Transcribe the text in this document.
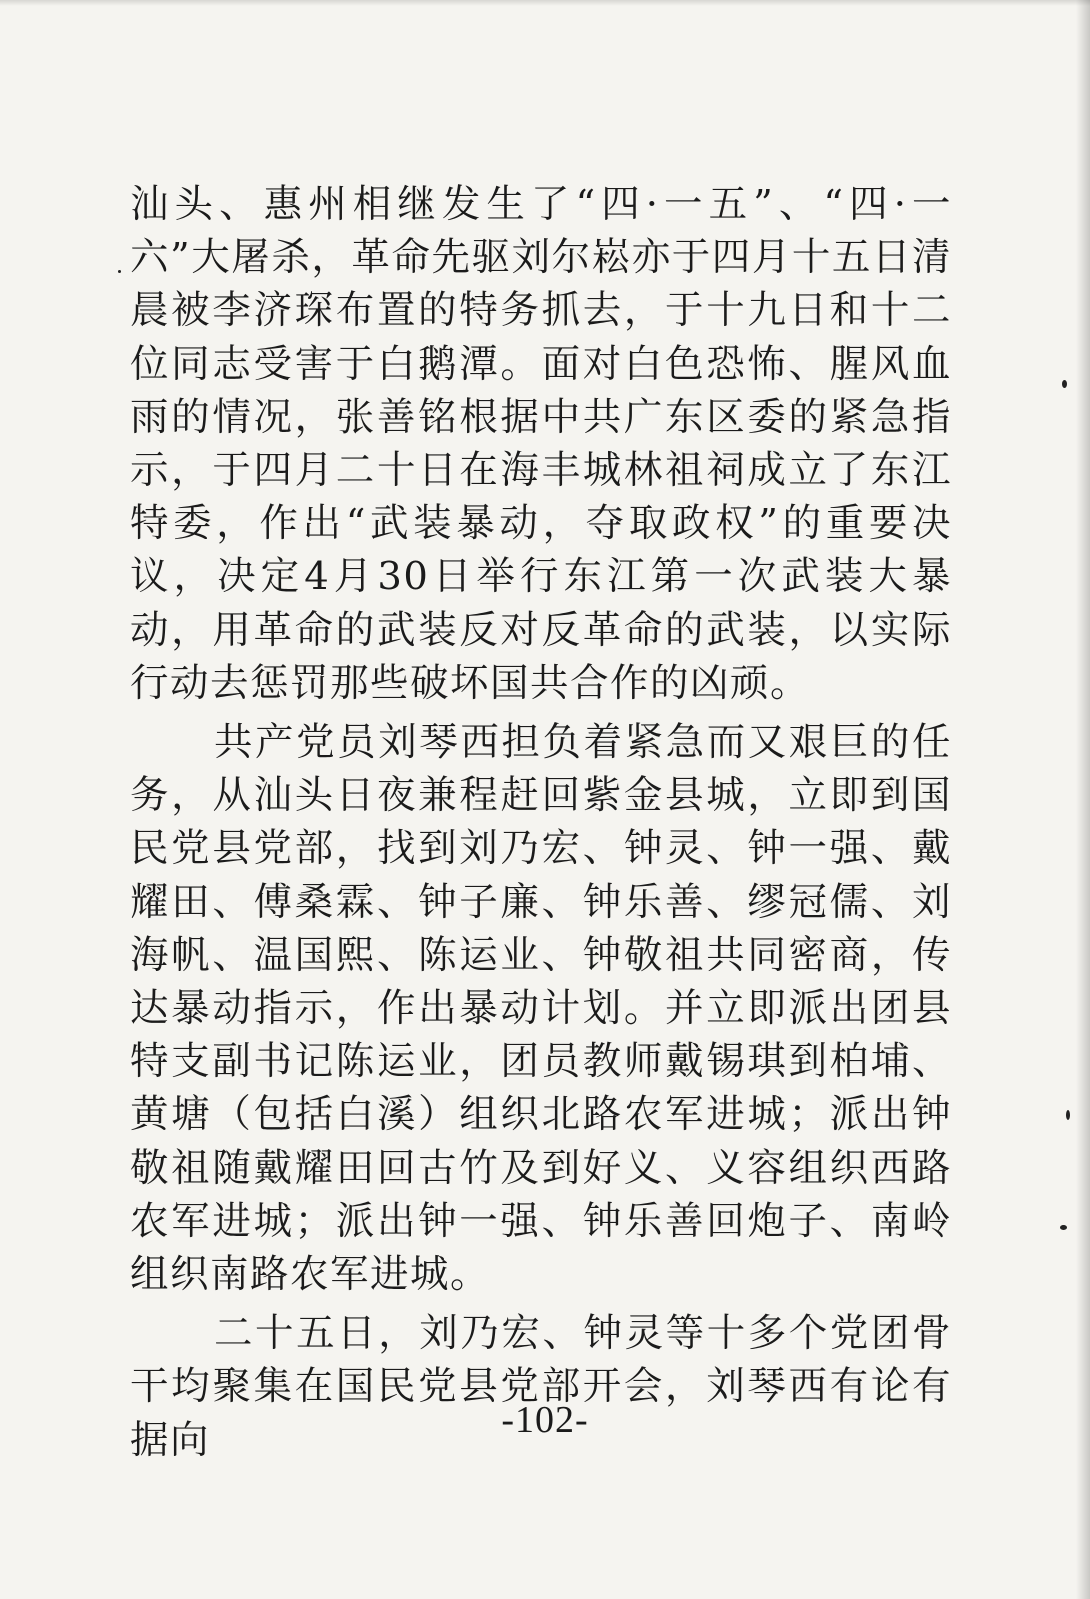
汕头、惠州相继发生了“四·一五”、“四·一六”大屠杀，革命先驱刘尔崧亦于四月十五日清晨被李济琛布置的特务抓去，于十九日和十二位同志受害于白鹅潭。面对白色恐怖、腥风血雨的情况，张善铭根据中共广东区委的紧急指示，于四月二十日在海丰城林祖祠成立了东江特委，作出“武装暴动，夺取政权”的重要决议，决定4月30日举行东江第一次武装大暴动，用革命的武装反对反革命的武装，以实际行动去惩罚那些破坏国共合作的凶顽。

共产党员刘琴西担负着紧急而又艰巨的任务，从汕头日夜兼程赶回紫金县城，立即到国民党县党部，找到刘乃宏、钟灵、钟一强、戴耀田、傅桑霖、钟子廉、钟乐善、缪冠儒、刘海帆、温国熙、陈运业、钟敬祖共同密商，传达暴动指示，作出暴动计划。并立即派出团县特支副书记陈运业，团员教师戴锡琪到柏埔、黄塘（包括白溪）组织北路农军进城；派出钟敬祖随戴耀田回古竹及到好义、义容组织西路农军进城；派出钟一强、钟乐善回炮子、南岭组织南路农军进城。

二十五日，刘乃宏、钟灵等十多个党团骨干均聚集在国民党县党部开会，刘琴西有论有据向	-102-
